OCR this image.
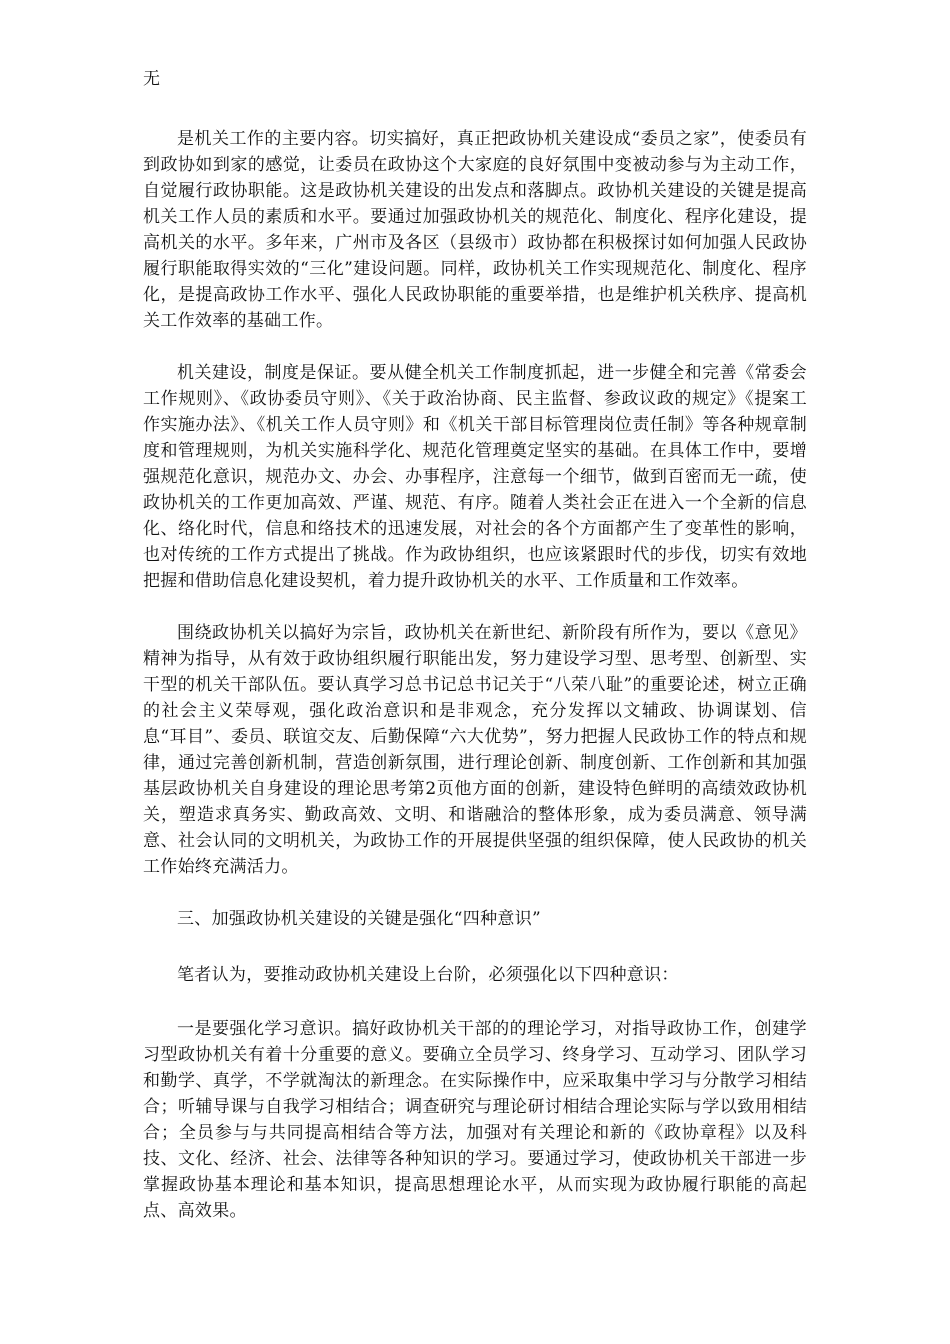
无

是机关工作的主要内容。切实搞好，真正把政协机关建设成“委员之家”，使委员有到政协如到家的感觉，让委员在政协这个大家庭的良好氛围中变被动参与为主动工作，自觉履行政协职能。这是政协机关建设的出发点和落脚点。政协机关建设的关键是提高机关工作人员的素质和水平。要通过加强政协机关的规范化、制度化、程序化建设，提高机关的水平。多年来，广州市及各区（县级市）政协都在积极探讨如何加强人民政协履行职能取得实效的“三化”建设问题。同样，政协机关工作实现规范化、制度化、程序化，是提高政协工作水平、强化人民政协职能的重要举措，也是维护机关秩序、提高机关工作效率的基础工作。

机关建设，制度是保证。要从健全机关工作制度抓起，进一步健全和完善《常委会工作规则》、《政协委员守则》、《关于政治协商、民主监督、参政议政的规定》《提案工作实施办法》、《机关工作人员守则》和《机关干部目标管理岗位责任制》等各种规章制度和管理规则，为机关实施科学化、规范化管理奠定坚实的基础。在具体工作中，要增强规范化意识，规范办文、办会、办事程序，注意每一个细节，做到百密而无一疏，使政协机关的工作更加高效、严谨、规范、有序。随着人类社会正在进入一个全新的信息化、络化时代，信息和络技术的迅速发展，对社会的各个方面都产生了变革性的影响，也对传统的工作方式提出了挑战。作为政协组织，也应该紧跟时代的步伐，切实有效地把握和借助信息化建设契机，着力提升政协机关的水平、工作质量和工作效率。

围绕政协机关以搞好为宗旨，政协机关在新世纪、新阶段有所作为，要以《意见》精神为指导，从有效于政协组织履行职能出发，努力建设学习型、思考型、创新型、实干型的机关干部队伍。要认真学习总书记总书记关于“八荣八耻”的重要论述，树立正确的社会主义荣辱观，强化政治意识和是非观念，充分发挥以文辅政、协调谋划、信息“耳目”、委员、联谊交友、后勤保障“六大优势”，努力把握人民政协工作的特点和规律，通过完善创新机制，营造创新氛围，进行理论创新、制度创新、工作创新和其加强基层政协机关自身建设的理论思考第2页他方面的创新，建设特色鲜明的高绩效政协机关，塑造求真务实、勤政高效、文明、和谐融洽的整体形象，成为委员满意、领导满意、社会认同的文明机关，为政协工作的开展提供坚强的组织保障，使人民政协的机关工作始终充满活力。

三、加强政协机关建设的关键是强化“四种意识”

笔者认为，要推动政协机关建设上台阶，必须强化以下四种意识：

一是要强化学习意识。搞好政协机关干部的的理论学习，对指导政协工作，创建学习型政协机关有着十分重要的意义。要确立全员学习、终身学习、互动学习、团队学习和勤学、真学，不学就淘汰的新理念。在实际操作中，应采取集中学习与分散学习相结合；听辅导课与自我学习相结合；调查研究与理论研讨相结合理论实际与学以致用相结合；全员参与与共同提高相结合等方法，加强对有关理论和新的《政协章程》以及科技、文化、经济、社会、法律等各种知识的学习。要通过学习，使政协机关干部进一步掌握政协基本理论和基本知识，提高思想理论水平，从而实现为政协履行职能的高起点、高效果。
